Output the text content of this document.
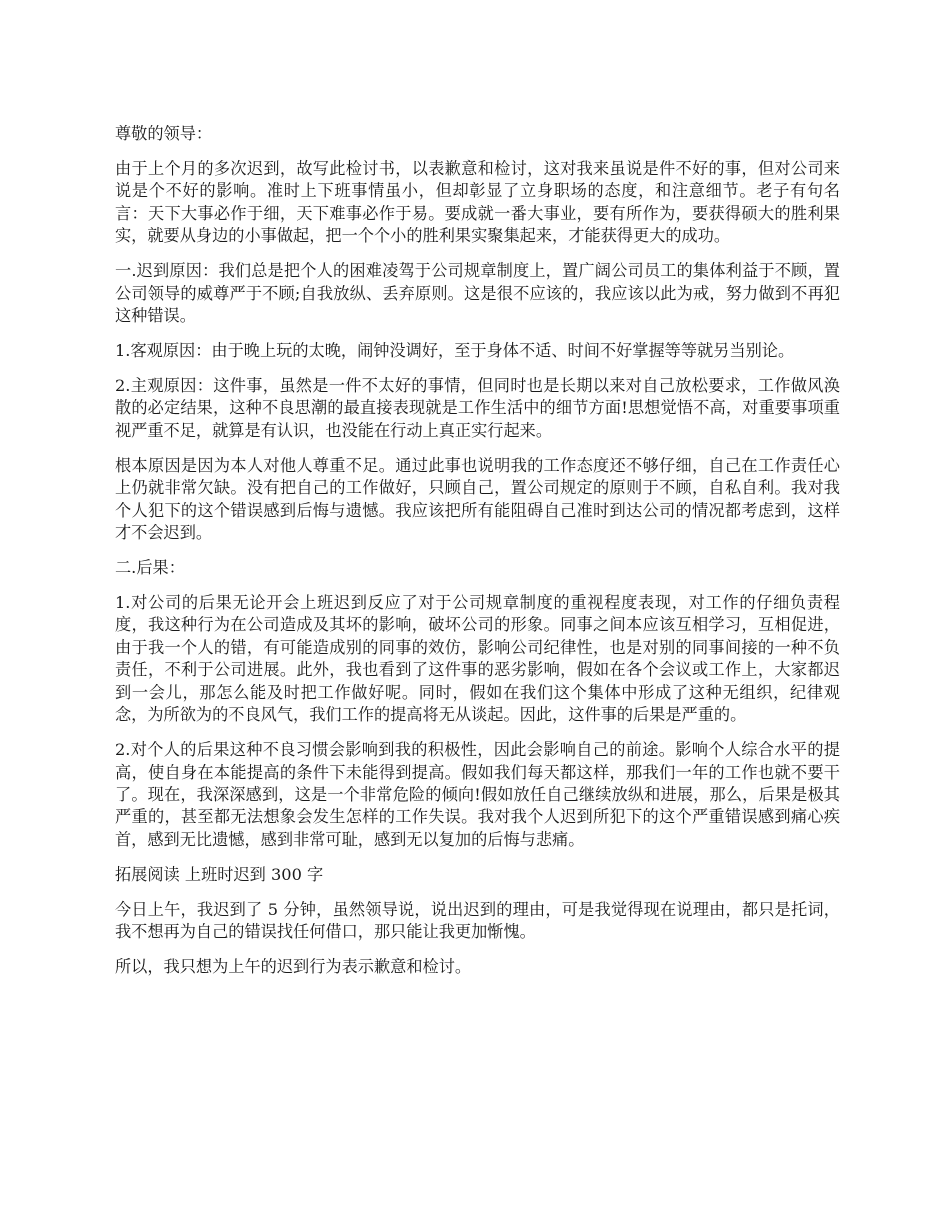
尊敬的领导：

由于上个月的多次迟到，故写此检讨书，以表歉意和检讨，这对我来虽说是件不好的事，但对公司来说是个不好的影响。准时上下班事情虽小，但却彰显了立身职场的态度，和注意细节。老子有句名言：天下大事必作于细，天下难事必作于易。要成就一番大事业，要有所作为，要获得硕大的胜利果实，就要从身边的小事做起，把一个个小的胜利果实聚集起来，才能获得更大的成功。

一.迟到原因：我们总是把个人的困难凌驾于公司规章制度上，置广阔公司员工的集体利益于不顾，置公司领导的威尊严于不顾;自我放纵、丢弃原则。这是很不应该的，我应该以此为戒，努力做到不再犯这种错误。

1.客观原因：由于晚上玩的太晚，闹钟没调好，至于身体不适、时间不好掌握等等就另当别论。

2.主观原因：这件事，虽然是一件不太好的事情，但同时也是长期以来对自己放松要求，工作做风涣散的必定结果，这种不良思潮的最直接表现就是工作生活中的细节方面!思想觉悟不高，对重要事项重视严重不足，就算是有认识，也没能在行动上真正实行起来。

根本原因是因为本人对他人尊重不足。通过此事也说明我的工作态度还不够仔细，自己在工作责任心上仍就非常欠缺。没有把自己的工作做好，只顾自己，置公司规定的原则于不顾，自私自利。我对我个人犯下的这个错误感到后悔与遗憾。我应该把所有能阻碍自己准时到达公司的情况都考虑到，这样才不会迟到。

二.后果：

1.对公司的后果无论开会上班迟到反应了对于公司规章制度的重视程度表现，对工作的仔细负责程度，我这种行为在公司造成及其坏的影响，破坏公司的形象。同事之间本应该互相学习，互相促进，由于我一个人的错，有可能造成别的同事的效仿，影响公司纪律性，也是对别的同事间接的一种不负责任，不利于公司进展。此外，我也看到了这件事的恶劣影响，假如在各个会议或工作上，大家都迟到一会儿，那怎么能及时把工作做好呢。同时，假如在我们这个集体中形成了这种无组织，纪律观念，为所欲为的不良风气，我们工作的提高将无从谈起。因此，这件事的后果是严重的。

2.对个人的后果这种不良习惯会影响到我的积极性，因此会影响自己的前途。影响个人综合水平的提高，使自身在本能提高的条件下未能得到提高。假如我们每天都这样，那我们一年的工作也就不要干了。现在，我深深感到，这是一个非常危险的倾向!假如放任自己继续放纵和进展，那么，后果是极其严重的，甚至都无法想象会发生怎样的工作失误。我对我个人迟到所犯下的这个严重错误感到痛心疾首，感到无比遗憾，感到非常可耻，感到无以复加的后悔与悲痛。

拓展阅读 上班时迟到 300 字

今日上午，我迟到了 5 分钟，虽然领导说，说出迟到的理由，可是我觉得现在说理由，都只是托词，我不想再为自己的错误找任何借口，那只能让我更加惭愧。

所以，我只想为上午的迟到行为表示歉意和检讨。
